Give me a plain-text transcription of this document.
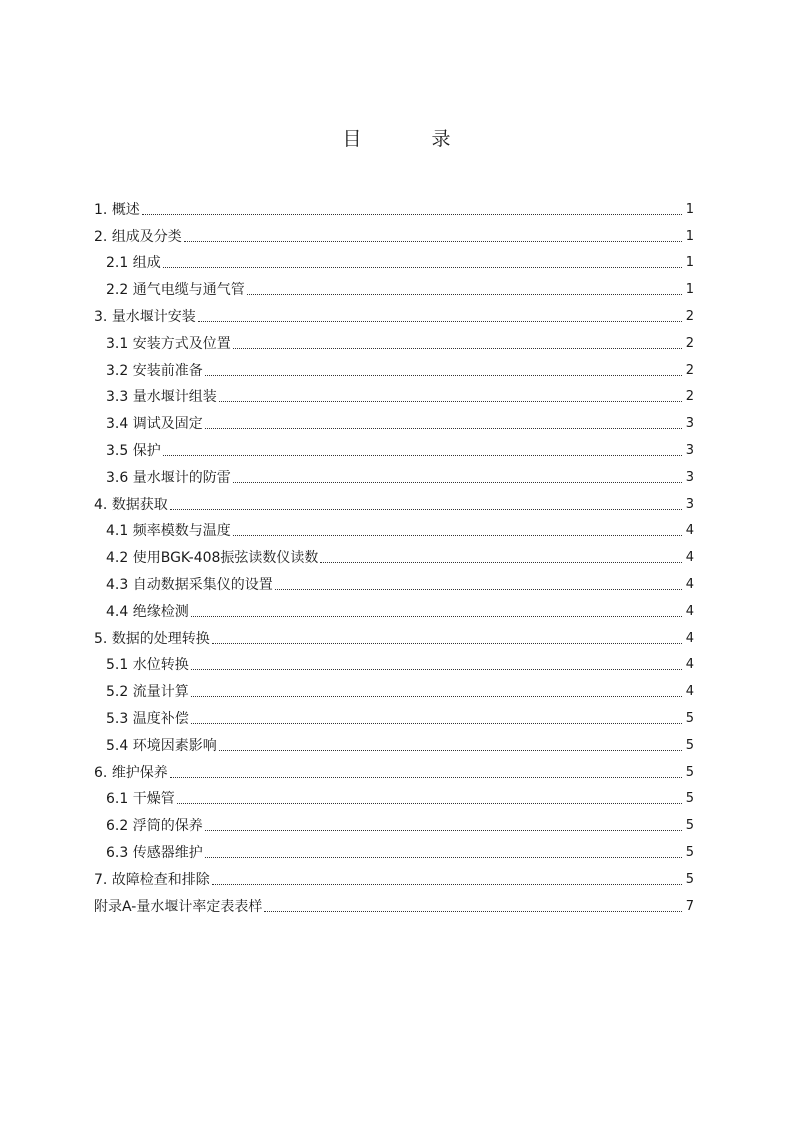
目 录
1. 概述	1
2. 组成及分类	1
2.1 组成	1
2.2 通气电缆与通气管	1
3. 量水堰计安装	2
3.1 安装方式及位置	2
3.2 安装前准备	2
3.3 量水堰计组装	2
3.4 调试及固定	3
3.5 保护	3
3.6 量水堰计的防雷	3
4. 数据获取	3
4.1 频率模数与温度	4
4.2 使用BGK-408振弦读数仪读数	4
4.3 自动数据采集仪的设置	4
4.4 绝缘检测	4
5. 数据的处理转换	4
5.1 水位转换	4
5.2 流量计算	4
5.3 温度补偿	5
5.4 环境因素影响	5
6. 维护保养	5
6.1 干燥管	5
6.2 浮筒的保养	5
6.3 传感器维护	5
7. 故障检查和排除	5
附录A-量水堰计率定表表样	7
